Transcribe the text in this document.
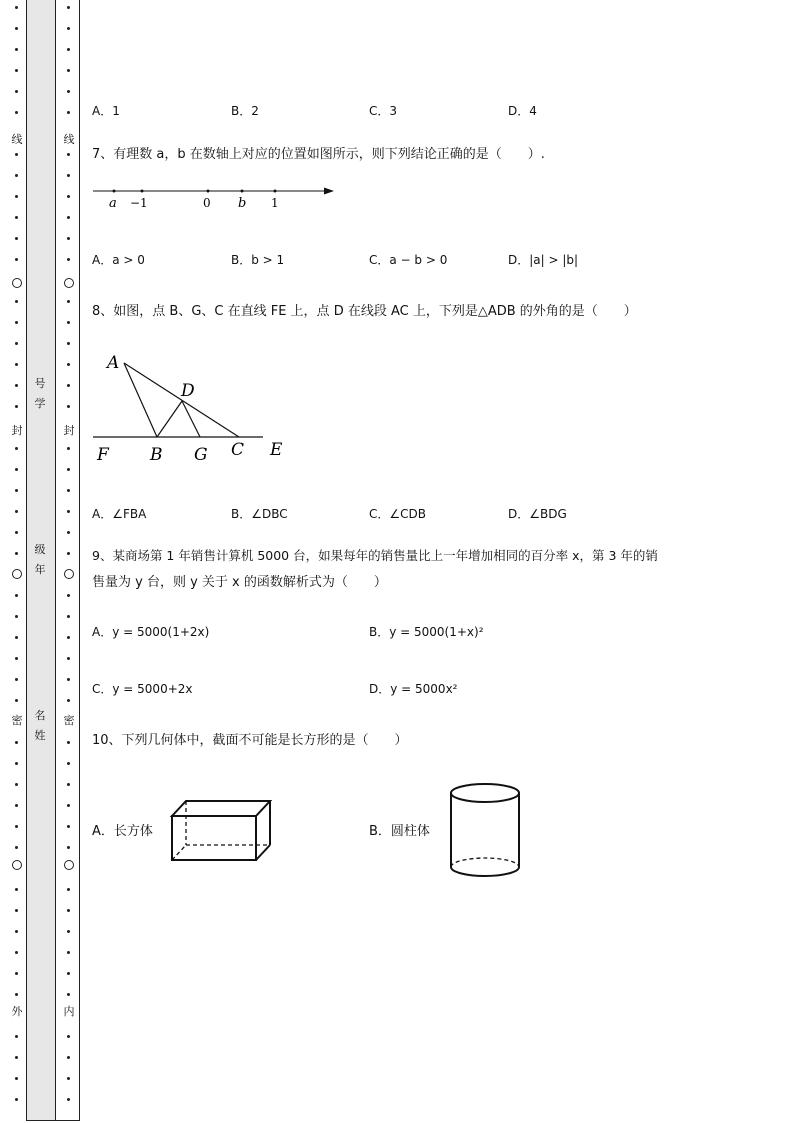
线
封
密
外
线
封
密
内
号
学
级
年
名
姓
A．1	B．2	C．3	D．4
7、有理数 a，b 在数轴上对应的位置如图所示，则下列结论正确的是（　　）.
a −1	0 b 1
A．a > 0	B．b > 1	C．a − b > 0	D．|a| > |b|
8、如图，点 B、G、C 在直线 FE 上，点 D 在线段 AC 上，下列是△ADB 的外角的是（　　）
A
D
F B G C E
A．∠FBA	B．∠DBC	C．∠CDB	D．∠BDG
9、某商场第 1 年销售计算机 5000 台，如果每年的销售量比上一年增加相同的百分率 x，第 3 年的销
售量为 y 台，则 y 关于 x 的函数解析式为（　　）
A．y = 5000(1+2x)	B．y = 5000(1+x)²
C．y = 5000+2x	D．y = 5000x²
10、下列几何体中，截面不可能是长方形的是（　　）
A．长方体	B．圆柱体
